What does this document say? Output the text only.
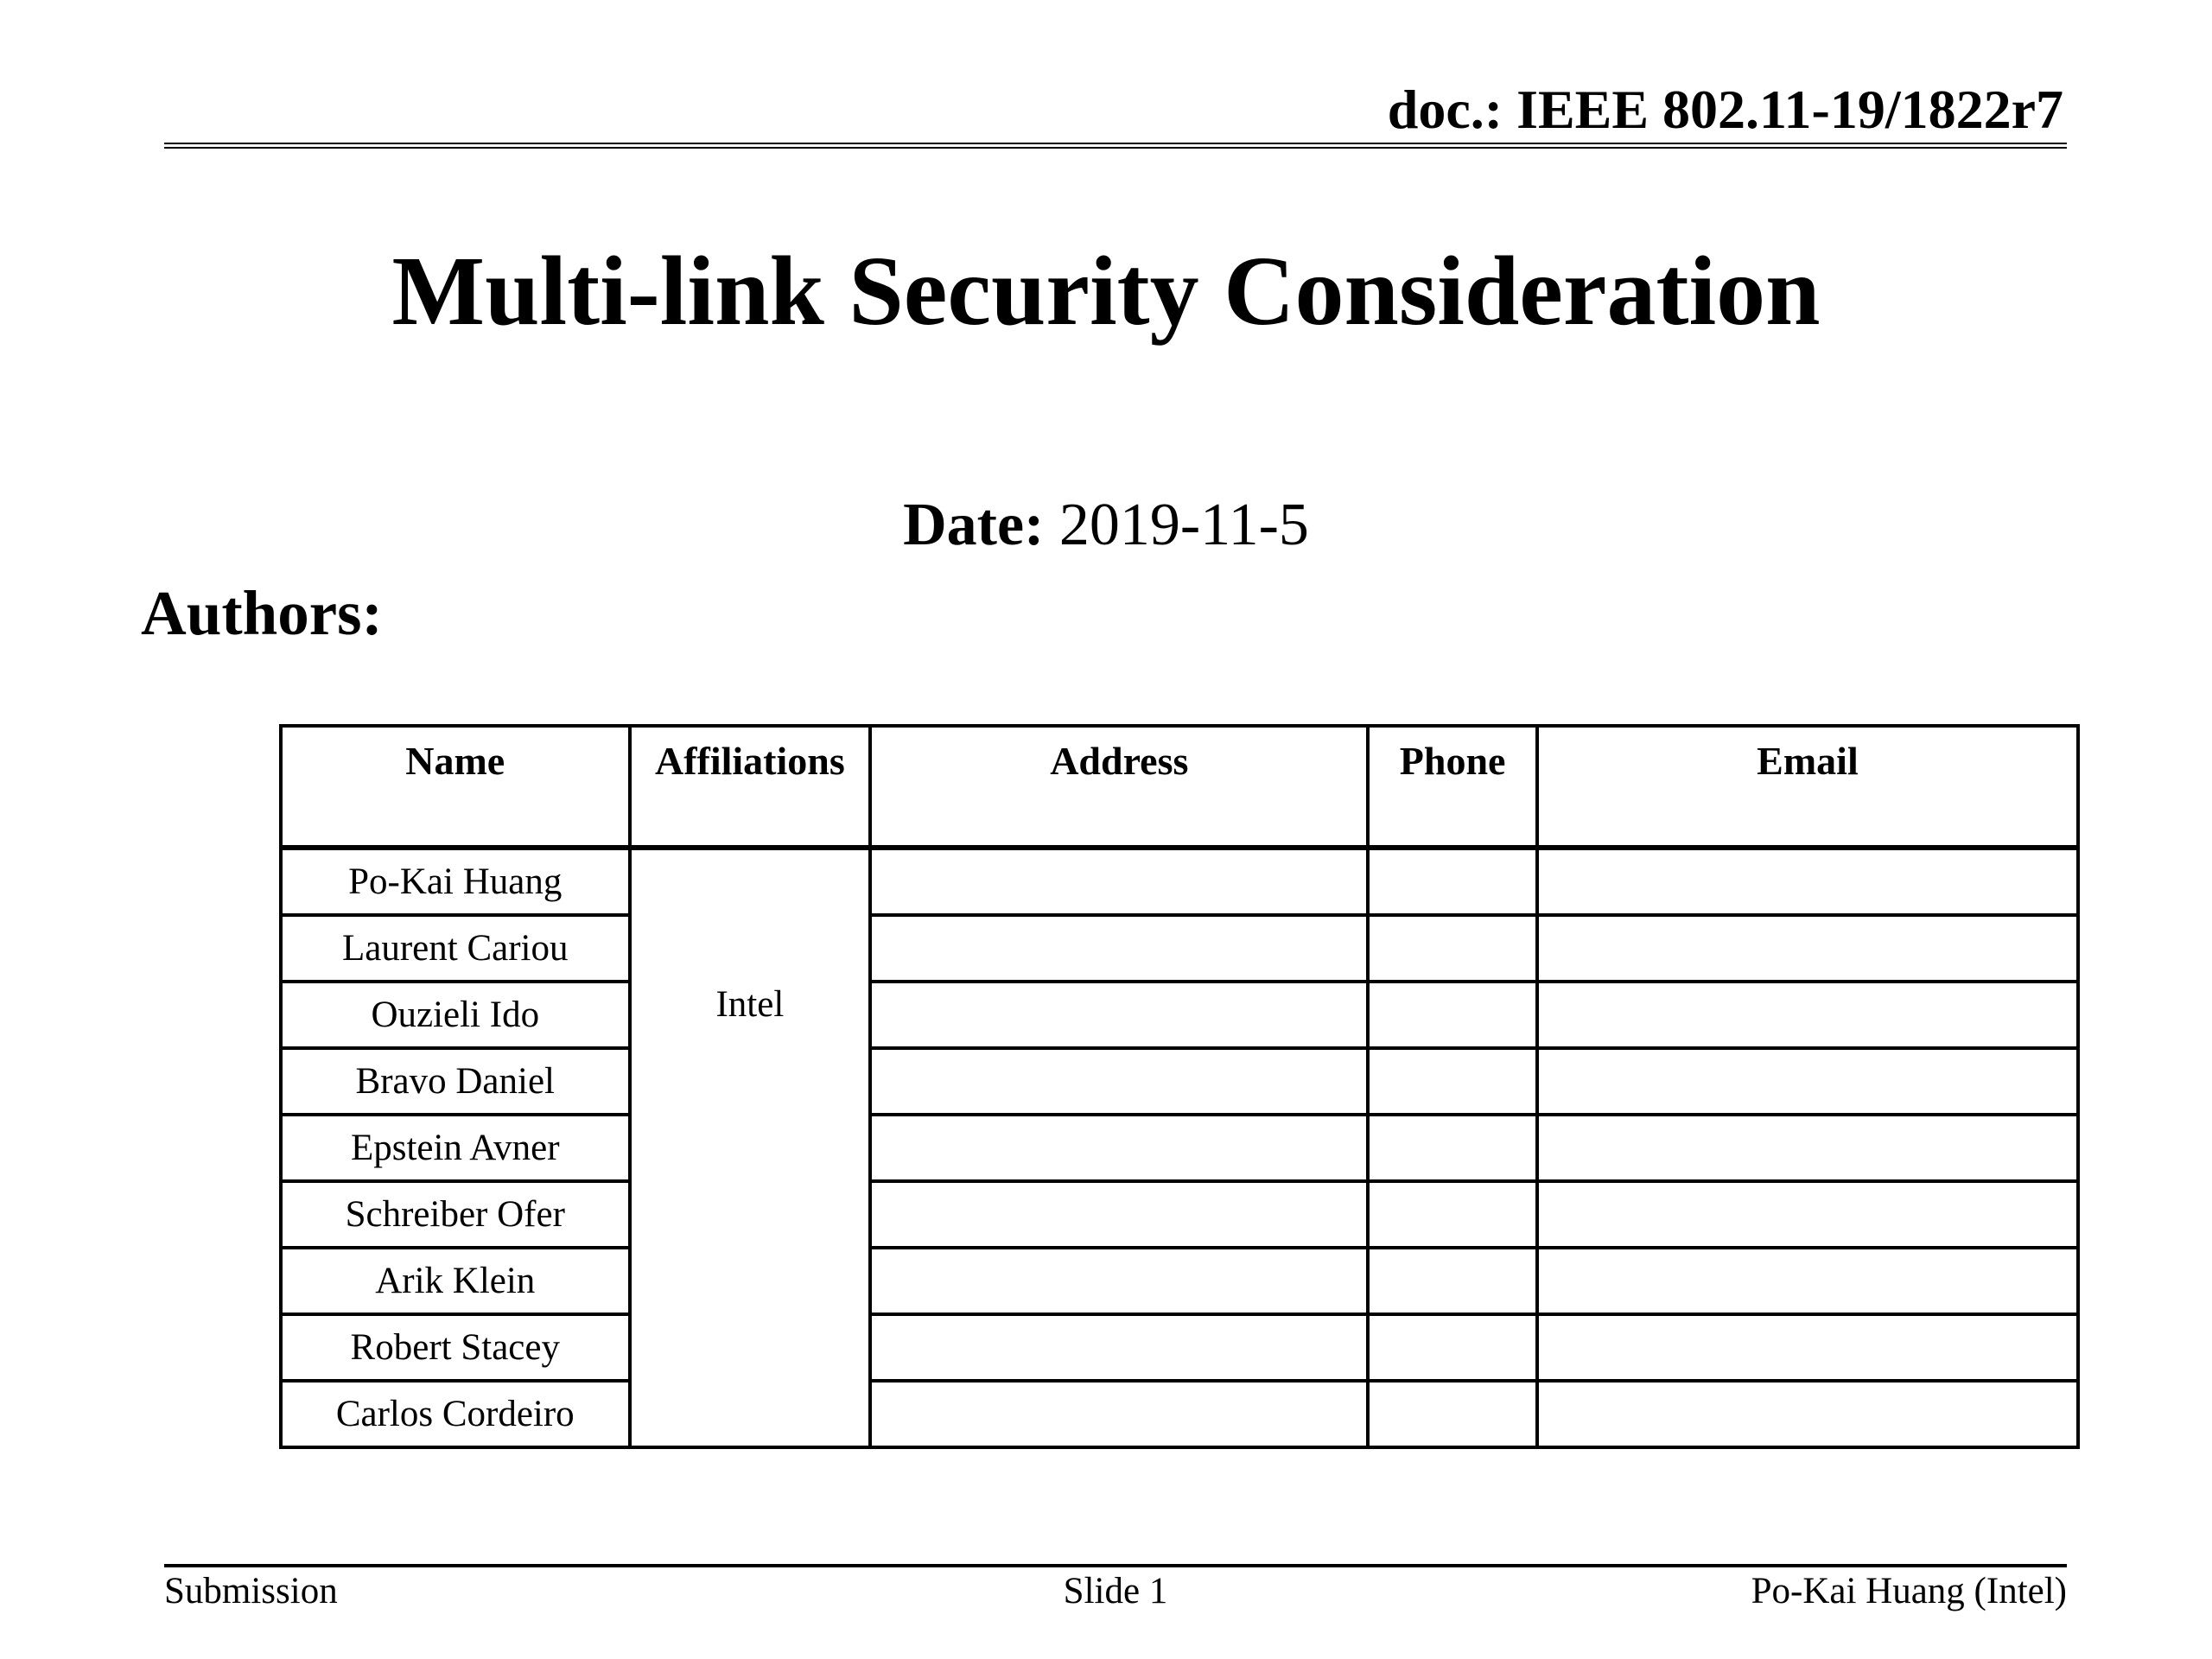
doc.: IEEE 802.11-19/1822r7
Multi-link Security Consideration
Date: 2019-11-5
Authors:
Name	Affiliations	Address	Phone	Email
Po-Kai Huang	Intel			
Laurent Cariou				
Ouzieli Ido				
Bravo Daniel				
Epstein Avner				
Schreiber Ofer				
Arik Klein				
Robert Stacey				
Carlos Cordeiro				
Submission	Slide 1	Po-Kai Huang (Intel)
